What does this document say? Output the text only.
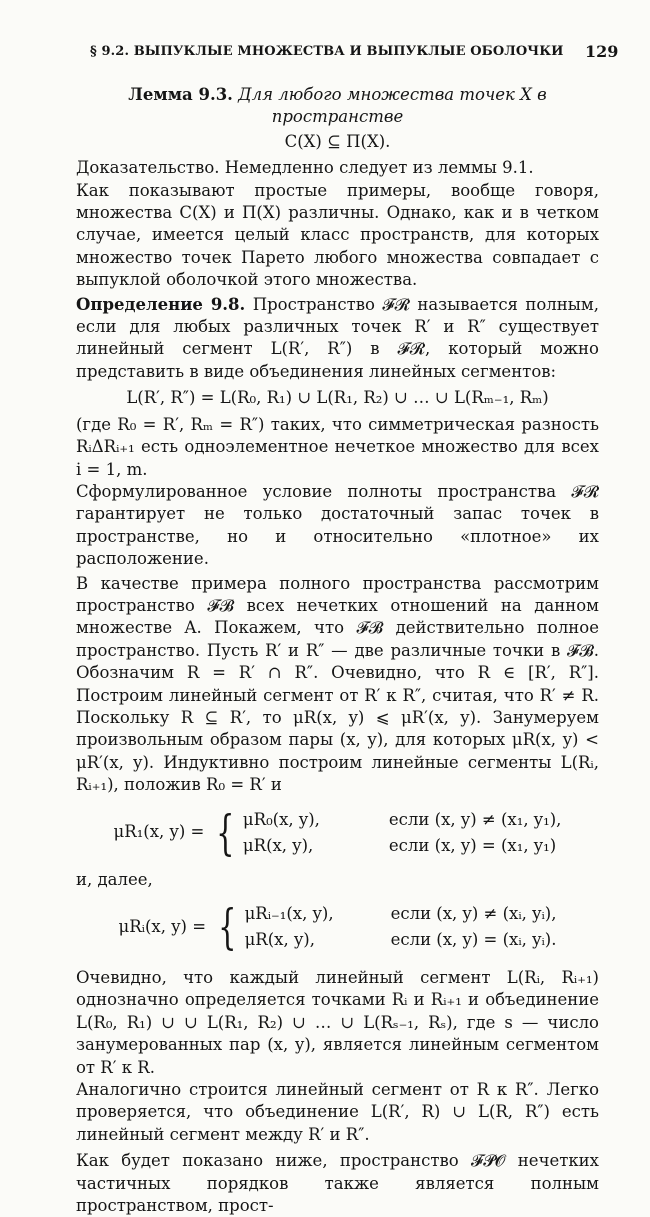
§ 9.2. ВЫПУКЛЫЕ МНОЖЕСТВА И ВЫПУКЛЫЕ ОБОЛОЧКИ 129

Лемма 9.3. Для любого множества точек X в пространстве

C(X) ⊆ П(X).

Доказательство. Немедленно следует из леммы 9.1.

Как показывают простые примеры, вообще говоря, множества C(X) и П(X) различны. Однако, как и в четком случае, имеется целый класс пространств, для которых множество точек Парето любого множества совпадает с выпуклой оболочкой этого множества.

Определение 9.8. Пространство 𝓕𝓡 называется полным, если для любых различных точек R′ и R″ существует линейный сегмент L(R′, R″) в 𝓕𝓡, который можно представить в виде объединения линейных сегментов:

L(R′, R″) = L(R₀, R₁) ∪ L(R₁, R₂) ∪ … ∪ L(Rₘ₋₁, Rₘ)

(где R₀ = R′, Rₘ = R″) таких, что симметрическая разность RᵢΔRᵢ₊₁ есть одноэлементное нечеткое множество для всех i = 1, m.

Сформулированное условие полноты пространства 𝓕𝓡 гарантирует не только достаточный запас точек в пространстве, но и относительно «плотное» их расположение.

В качестве примера полного пространства рассмотрим пространство 𝓕𝓑 всех нечетких отношений на данном множестве A. Покажем, что 𝓕𝓑 действительно полное пространство. Пусть R′ и R″ — две различные точки в 𝓕𝓑. Обозначим R = R′ ∩ R″. Очевидно, что R ∈ [R′, R″]. Построим линейный сегмент от R′ к R″, считая, что R′ ≠ R. Поскольку R ⊆ R′, то μR(x, y) ⩽ μR′(x, y). Занумеруем произвольным образом пары (x, y), для которых μR(x, y) < μR′(x, y). Индуктивно построим линейные сегменты L(Rᵢ, Rᵢ₊₁), положив R₀ = R′ и

μR₁(x, y) = { μR₀(x, y),	если (x, y) ≠ (x₁, y₁),
μR(x, y),	если (x, y) = (x₁, y₁)

и, далее,

μRᵢ(x, y) = { μRᵢ₋₁(x, y),	если (x, y) ≠ (xᵢ, yᵢ),
μR(x, y),	если (x, y) = (xᵢ, yᵢ).

Очевидно, что каждый линейный сегмент L(Rᵢ, Rᵢ₊₁) однозначно определяется точками Rᵢ и Rᵢ₊₁ и объединение L(R₀, R₁) ∪ ∪ L(R₁, R₂) ∪ … ∪ L(Rₛ₋₁, Rₛ), где s — число занумерованных пар (x, y), является линейным сегментом от R′ к R.

Аналогично строится линейный сегмент от R к R″. Легко проверяется, что объединение L(R′, R) ∪ L(R, R″) есть линейный сегмент между R′ и R″.

Как будет показано ниже, пространство 𝓕𝓟𝓞 нечетких частичных порядков также является полным пространством, прост-
